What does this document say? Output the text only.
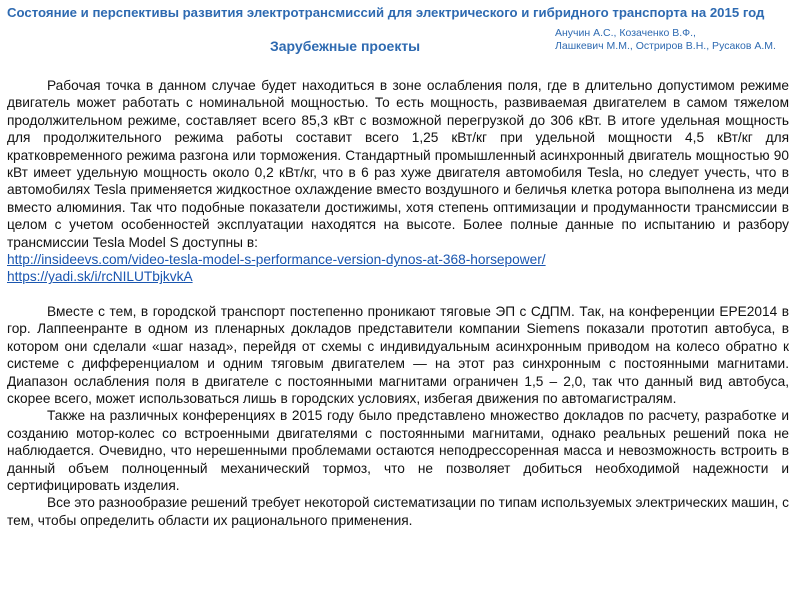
Состояние и перспективы развития электротрансмиссий для электрического и гибридного транспорта на 2015 год
Зарубежные проекты
Анучин А.С., Козаченко В.Ф.,
Лашкевич М.М., Остриров В.Н., Русаков А.М.

Рабочая точка в данном случае будет находиться в зоне ослабления поля, где в длительно допустимом режиме двигатель может работать с номинальной мощностью. То есть мощность, развиваемая двигателем в самом тяжелом продолжительном режиме, составляет всего 85,3 кВт с возможной перегрузкой до 306 кВт. В итоге удельная мощность для продолжительного режима работы составит всего 1,25 кВт/кг при удельной мощности 4,5 кВт/кг для кратковременного режима разгона или торможения. Стандартный промышленный асинхронный двигатель мощностью 90 кВт имеет удельную мощность около 0,2 кВт/кг, что в 6 раз хуже двигателя автомобиля Tesla, но следует учесть, что в автомобилях Tesla применяется жидкостное охлаждение вместо воздушного и беличья клетка ротора выполнена из меди вместо алюминия. Так что подобные показатели достижимы, хотя степень оптимизации и продуманности трансмиссии в целом с учетом особенностей эксплуатации находятся на высоте. Более полные данные по испытанию и разбору трансмиссии Tesla Model S доступны в:

http://insideevs.com/video-tesla-model-s-performance-version-dynos-at-368-horsepower/
https://yadi.sk/i/rcNILUTbjkvkA

Вместе с тем, в городской транспорт постепенно проникают тяговые ЭП с СДПМ. Так, на конференции EPE2014 в гор. Лаппеенранте в одном из пленарных докладов представители компании Siemens показали прототип автобуса, в котором они сделали «шаг назад», перейдя от схемы с индивидуальным асинхронным приводом на колесо обратно к системе с дифференциалом и одним тяговым двигателем — на этот раз синхронным с постоянными магнитами. Диапазон ослабления поля в двигателе с постоянными магнитами ограничен 1,5 – 2,0, так что данный вид автобуса, скорее всего, может использоваться лишь в городских условиях, избегая движения по автомагистралям.

Также на различных конференциях в 2015 году было представлено множество докладов по расчету, разработке и созданию мотор-колес со встроенными двигателями с постоянными магнитами, однако реальных решений пока не наблюдается. Очевидно, что нерешенными проблемами остаются неподрессоренная масса и невозможность встроить в данный объем полноценный механический тормоз, что не позволяет добиться необходимой надежности и сертифицировать изделия.

Все это разнообразие решений требует некоторой систематизации по типам используемых электрических машин, с тем, чтобы определить области их рационального применения.
